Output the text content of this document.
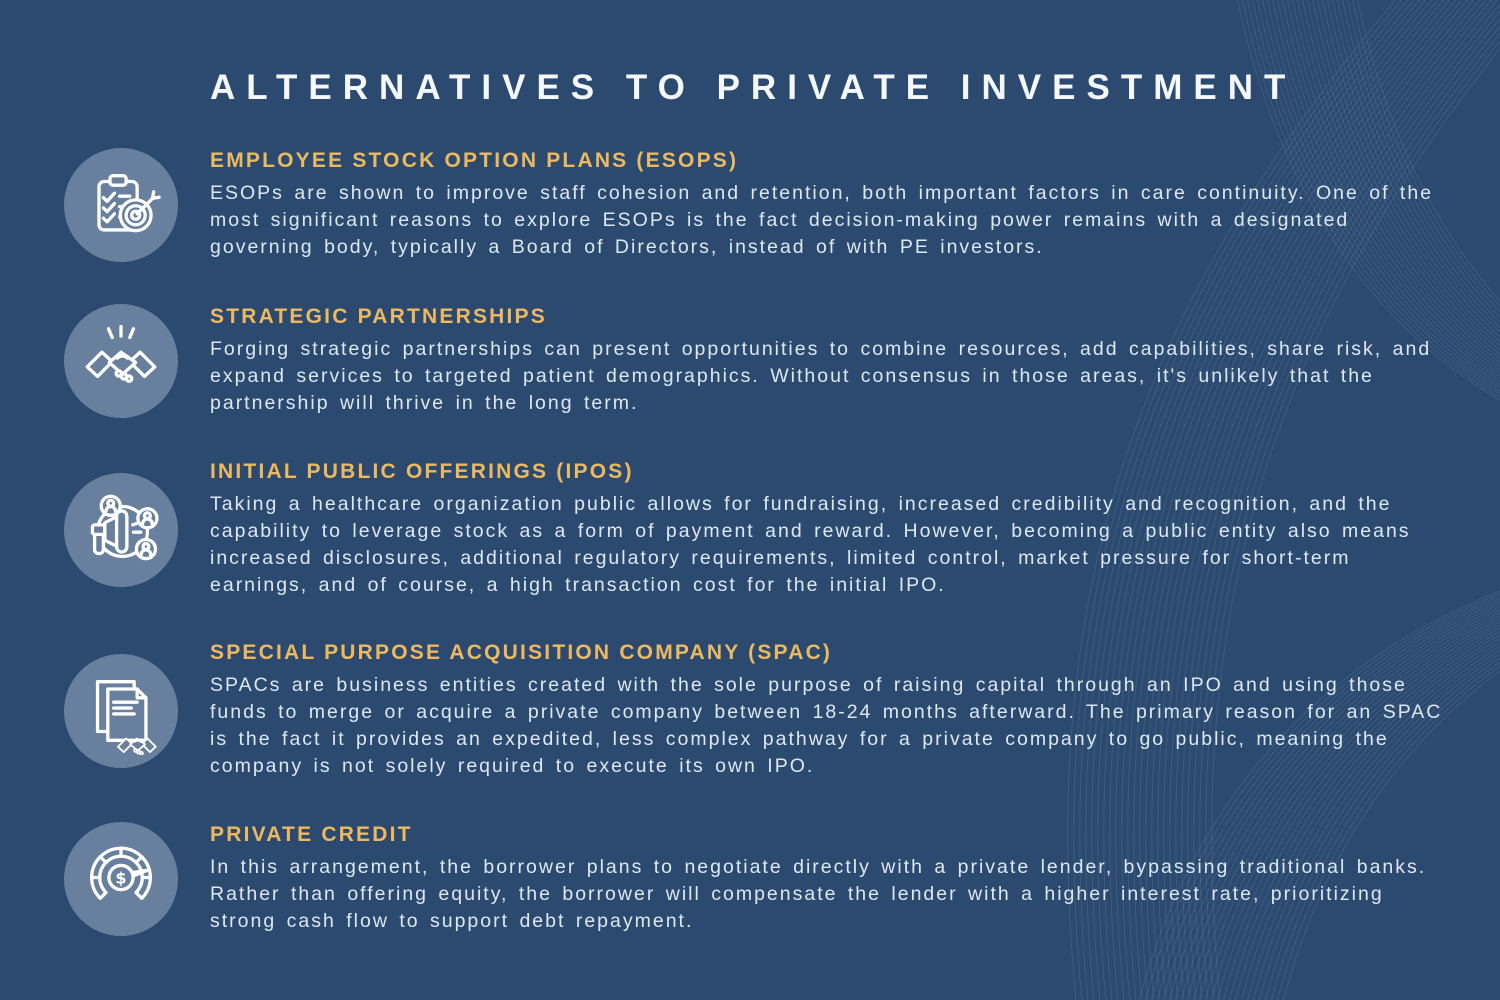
ALTERNATIVES TO PRIVATE INVESTMENT
EMPLOYEE STOCK OPTION PLANS (ESOPS)

ESOPs are shown to improve staff cohesion and retention, both important factors in care continuity. One of the most significant reasons to explore ESOPs is the fact decision-making power remains with a designated governing body, typically a Board of Directors, instead of with PE investors.

STRATEGIC PARTNERSHIPS

Forging strategic partnerships can present opportunities to combine resources, add capabilities, share risk, and expand services to targeted patient demographics. Without consensus in those areas, it's unlikely that the partnership will thrive in the long term.

INITIAL PUBLIC OFFERINGS (IPOS)

Taking a healthcare organization public allows for fundraising, increased credibility and recognition, and the capability to leverage stock as a form of payment and reward. However, becoming a public entity also means increased disclosures, additional regulatory requirements, limited control, market pressure for short-term earnings, and of course, a high transaction cost for the initial IPO.

SPECIAL PURPOSE ACQUISITION COMPANY (SPAC)

SPACs are business entities created with the sole purpose of raising capital through an IPO and using those funds to merge or acquire a private company between 18-24 months afterward. The primary reason for an SPAC is the fact it provides an expedited, less complex pathway for a private company to go public, meaning the company is not solely required to execute its own IPO.

$
PRIVATE CREDIT

In this arrangement, the borrower plans to negotiate directly with a private lender, bypassing traditional banks. Rather than offering equity, the borrower will compensate the lender with a higher interest rate, prioritizing strong cash flow to support debt repayment.
